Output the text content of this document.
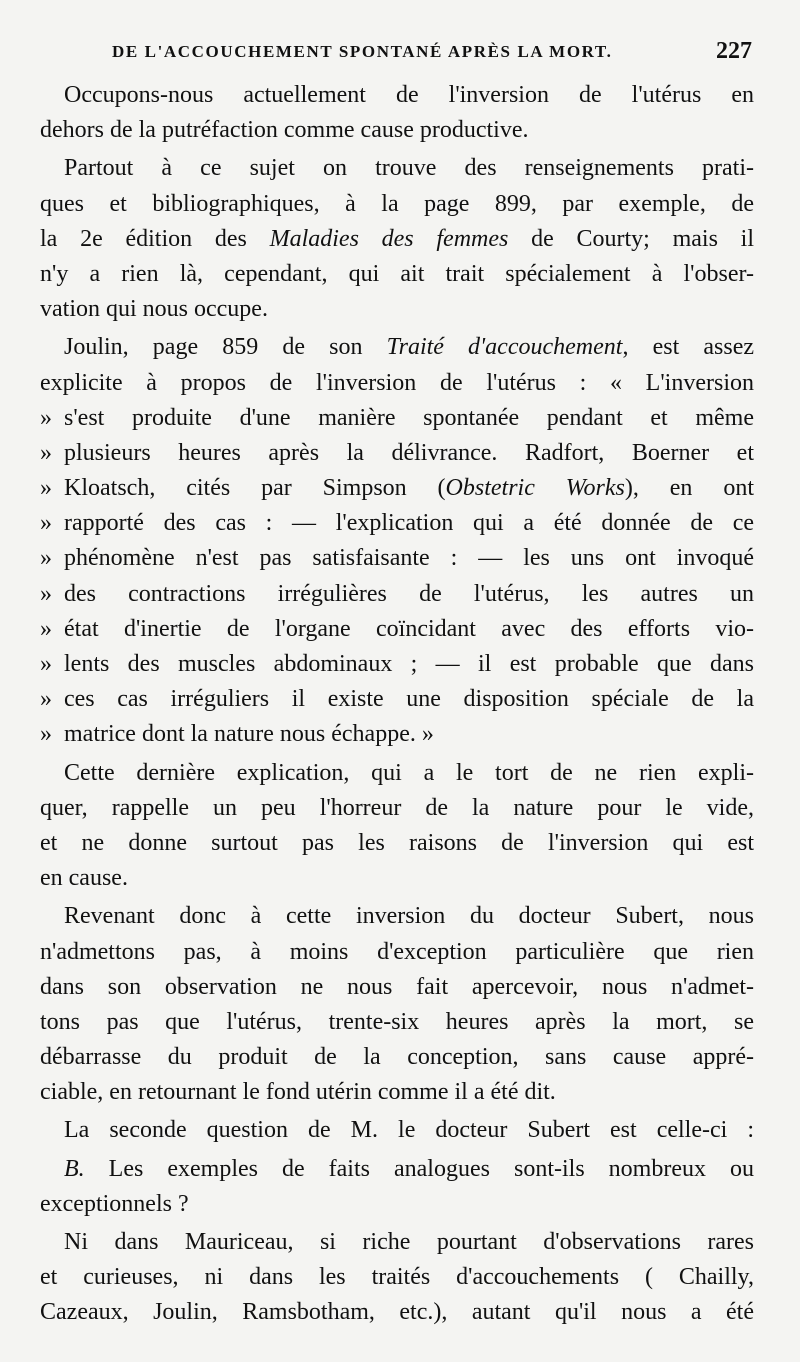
DE L'ACCOUCHEMENT SPONTANÉ APRÈS LA MORT.	227
Occupons-nous actuellement de l'inversion de l'utérus en
dehors de la putréfaction comme cause productive.
Partout à ce sujet on trouve des renseignements prati-
ques et bibliographiques, à la page 899, par exemple, de
la 2e édition des Maladies des femmes de Courty; mais il
n'y a rien là, cependant, qui ait trait spécialement à l'obser-
vation qui nous occupe.
Joulin, page 859 de son Traité d'accouchement, est assez
explicite à propos de l'inversion de l'utérus : « L'inversion
» s'est produite d'une manière spontanée pendant et même
» plusieurs heures après la délivrance. Radfort, Boerner et
» Kloatsch, cités par Simpson (Obstetric Works), en ont
» rapporté des cas : — l'explication qui a été donnée de ce
» phénomène n'est pas satisfaisante : — les uns ont invoqué
» des contractions irrégulières de l'utérus, les autres un
» état d'inertie de l'organe coïncidant avec des efforts vio-
» lents des muscles abdominaux ; — il est probable que dans
» ces cas irréguliers il existe une disposition spéciale de la
» matrice dont la nature nous échappe. »
Cette dernière explication, qui a le tort de ne rien expli-
quer, rappelle un peu l'horreur de la nature pour le vide,
et ne donne surtout pas les raisons de l'inversion qui est
en cause.
Revenant donc à cette inversion du docteur Subert, nous
n'admettons pas, à moins d'exception particulière que rien
dans son observation ne nous fait apercevoir, nous n'admet-
tons pas que l'utérus, trente-six heures après la mort, se
débarrasse du produit de la conception, sans cause appré-
ciable, en retournant le fond utérin comme il a été dit.
La seconde question de M. le docteur Subert est celle-ci :
B. Les exemples de faits analogues sont-ils nombreux ou
exceptionnels ?
Ni dans Mauriceau, si riche pourtant d'observations rares
et curieuses, ni dans les traités d'accouchements ( Chailly,
Cazeaux, Joulin, Ramsbotham, etc.), autant qu'il nous a été
